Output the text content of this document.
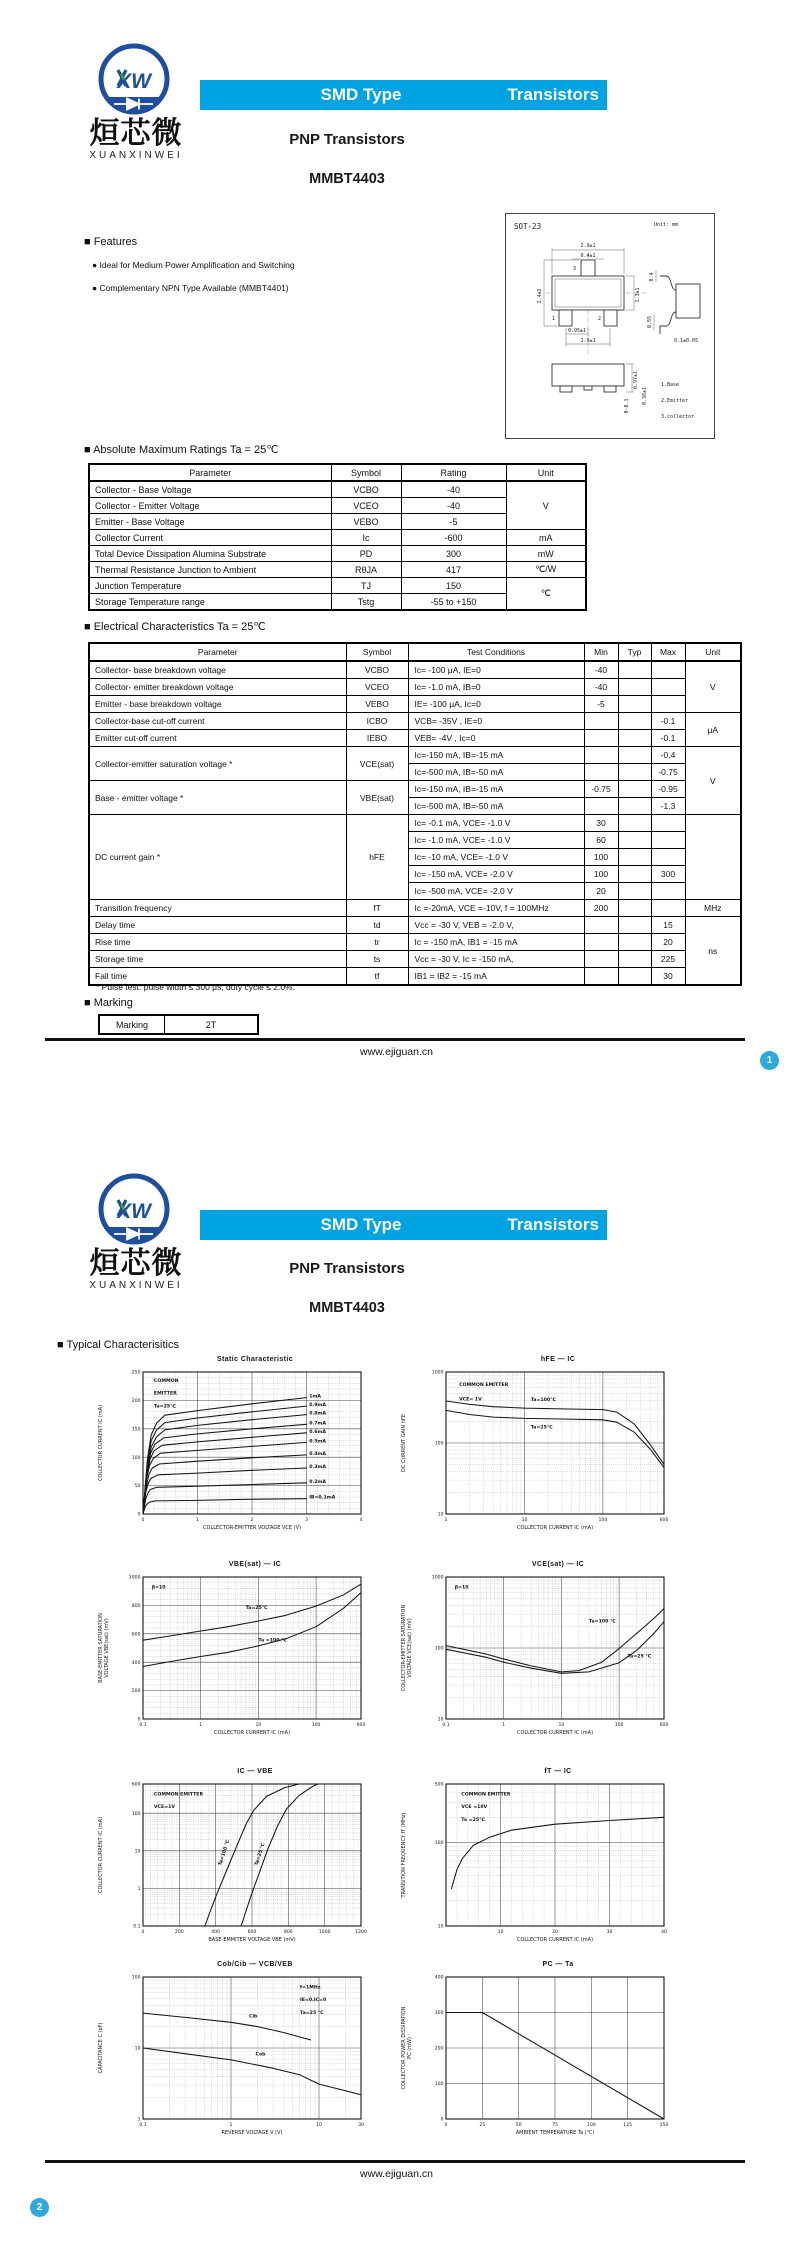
XW
烜芯微
XUANXINWEI
SMD Type	Transistors
PNP Transistors
MMBT4403
■ Features
● Ideal for Medium Power Amplification and Switching
● Complementary NPN Type Available (MMBT4401)
SOT-23	Unit: mm
3
1	2
2.9±1
0.4±1
2.4±2	1.3±1
0.95±1
1.9±1
0.97±1
0.38±1
0-0.1
0.4
0.55
0.1±0.05
1.Base
2.Emitter
3.collector
■ Absolute Maximum Ratings Ta = 25℃
Parameter	Symbol	Rating	Unit
Collector - Base Voltage	VCBO	-40	V
Collector - Emitter Voltage	VCEO	-40	
Emitter - Base Voltage	VEBO	-5	
Collector Current	Ic	-600	mA
Total Device Dissipation Alumina Substrate	PD	300	mW
Thermal Resistance Junction to Ambient	RθJA	417	℃/W
Junction Temperature	TJ	150	℃
Storage Temperature range	Tstg	-55 to +150	
■ Electrical Characteristics Ta = 25℃
Parameter	Symbol	Test Conditions	Min	Typ	Max	Unit
Collector- base breakdown voltage	VCBO	Ic= -100 μA, IE=0	-40			V
Collector- emitter breakdown voltage	VCEO	Ic= -1.0 mA, IB=0	-40			
Emitter - base breakdown voltage	VEBO	IE= -100 μA, Ic=0	-5			
Collector-base cut-off current	ICBO	VCB= -35V , IE=0			-0.1	μA
Emitter cut-off current	IEBO	VEB= -4V , Ic=0			-0.1	
Collector-emitter saturation voltage *	VCE(sat)	Ic=-150 mA, IB=-15 mA			-0.4	V
		Ic=-500 mA, IB=-50 mA			-0.75	
Base - emitter voltage *	VBE(sat)	Ic=-150 mA, IB=-15 mA	-0.75		-0.95	
		Ic=-500 mA, IB=-50 mA			-1.3	
DC current gain *	hFE	Ic= -0.1 mA, VCE= -1.0 V	30			
		Ic= -1.0 mA, VCE= -1.0 V	60			
		Ic= -10 mA, VCE= -1.0 V	100			
		Ic= -150 mA, VCE= -2.0 V	100		300	
		Ic= -500 mA, VCE= -2.0 V	20			
Transition frequency	fT	Ic =-20mA, VCE =-10V, f = 100MHz	200			MHz
Delay time	td	Vcc = -30 V, VEB = -2.0 V,			15	ns
Rise time	tr	Ic = -150 mA, IB1 = -15 mA			20	
Storage time	ts	Vcc = -30 V, Ic = -150 mA,			225	
Fall time	tf	IB1 = IB2 = -15 mA			30	
* Pulse test: pulse width ≤ 300 μs, duty cycle ≤ 2.0%.
■ Marking
Marking	2T
www.ejiguan.cn
1
XW
烜芯微
XUANXINWEI
SMD Type	Transistors
PNP Transistors
MMBT4403
■ Typical Characterisitics
Static Characteristic
0	1	2	3	4
0
50
100
150
200
250
COLLECTOR-EMITTER VOLTAGE VCE (V)
COLLECTOR CURRENT IC (mA)
COMMON
EMITTER
Ta=25℃
1mA
0.9mA
0.8mA
0.7mA
0.6mA
0.5mA
0.4mA
0.3mA
0.2mA
IB=0.1mA
hFE — IC
1	10	100	600
10
100
1000
COLLECTOR CURRENT IC (mA)
DC CURRENT GAIN hFE
COMMON EMITTER
VCE= 1V	Ta=100℃
Ta=25℃
VBE(sat) — IC
0.1	1	10	100	600
0
200
400
600
800
1000
COLLECTOR CURRENT IC (mA)
BASE-EMITTER SATURATION VOLTAGE VBE(sat) (mV)
β=10
Ta=25℃
Ta =100 ℃
VCE(sat) — IC
0.1	1	10	100	600
10
100
1000
COLLECTOR CURRENT IC (mA)
COLLECTOR-EMITTER SATURATION VOLTAGE VCE(sat) (mV)
β=10
Ta=100 ℃
Ta=25 ℃
IC — VBE
0	200	400	600	800	1000	1200
0.1
1
10
100
600
BASE-EMMITER VOLTAGE VBE (mV)
COLLECTOR CURRENT IC (mA)
COMMON EMITTER
VCE=1V
Ta=100 ℃	Ta=25 ℃
fT — IC
10	20	30	40
10
100
500
COLLECTOR CURRENT IC (mA)
TRANSITION FREQUENCY fT (MHz)
COMMON EMITTER
VCE =10V
Ta =25℃
Cob/Cib — VCB/VEB
0.1	1	10	30
1
10
100
REVERSE VOLTAGE V (V)
CAPACITANCE C (pF)
f=1MHz
IE=0,IC=0
Ta=25 ℃
Cib
Cob
PC — Ta
0	25	50	75	100	125	150
0
100
200
300
400
AMBIENT TEMPERATURE Ta (℃)
COLLECTOR POWER DISSIPATION PC (mW)
www.ejiguan.cn
2
